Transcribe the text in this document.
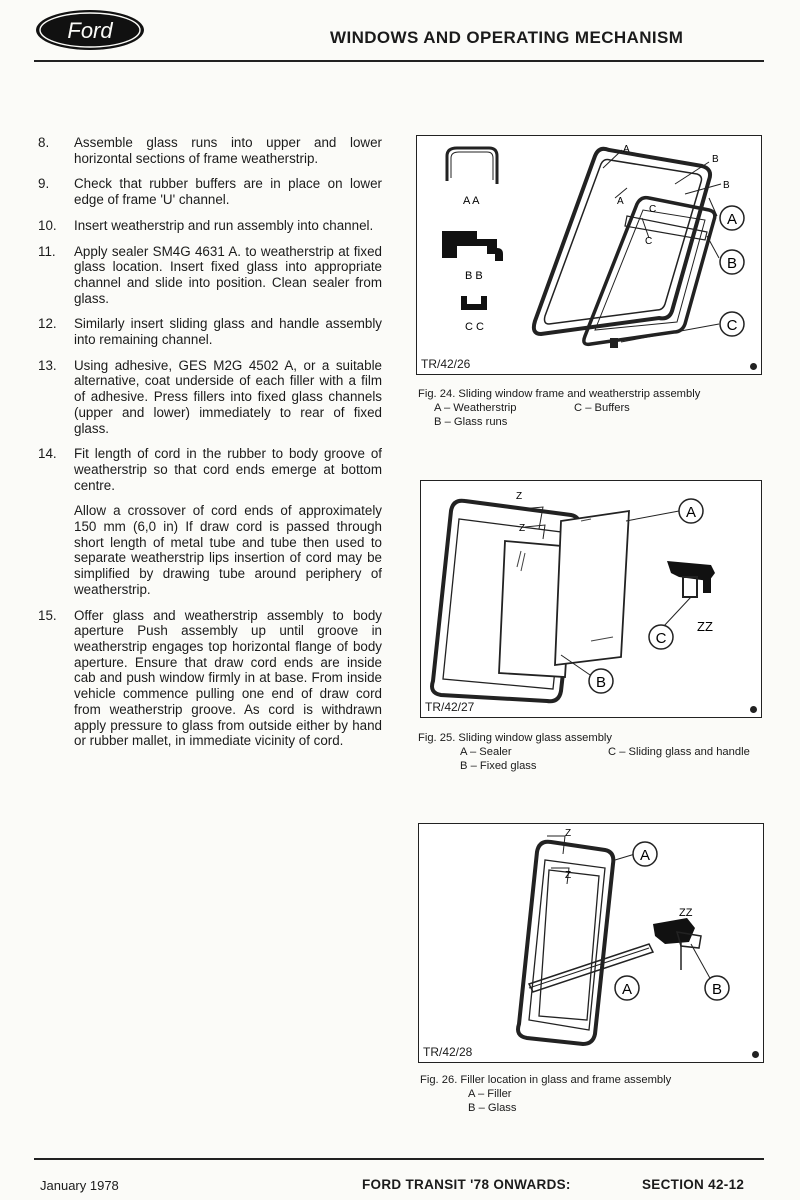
Ford	WINDOWS AND OPERATING MECHANISM
8.	Assemble glass runs into upper and lower horizontal sections of frame weatherstrip.
9.	Check that rubber buffers are in place on lower edge of frame 'U' channel.
10.	Insert weatherstrip and run assembly into channel.
11.	Apply sealer SM4G 4631 A. to weatherstrip at fixed glass location. Insert fixed glass into appropriate channel and slide into position. Clean sealer from glass.
12.	Similarly insert sliding glass and handle assembly into remaining channel.
13.	Using adhesive, GES M2G 4502 A, or a suitable alternative, coat underside of each filler with a film of adhesive. Press fillers into fixed glass channels (upper and lower) immediately to rear of fixed glass.
14.	Fit length of cord in the rubber to body groove of weatherstrip so that cord ends emerge at bottom centre.
Allow a crossover of cord ends of approximately 150 mm (6,0 in) If draw cord is passed through short length of metal tube and tube then used to separate weatherstrip lips insertion of cord may be simplified by drawing tube around periphery of weatherstrip.
15.	Offer glass and weatherstrip assembly to body aperture Push assembly up until groove in weatherstrip engages top horizontal flange of body aperture. Ensure that draw cord ends are inside cab and push window firmly in at base. From inside vehicle commence pulling one end of draw cord from weatherstrip groove. As cord is withdrawn apply pressure to glass from outside either by hand or rubber mallet, in immediate vicinity of cord.
A A
B B
C C
A
A
B
B
C
C
A
B
C
TR/42/26
Fig. 24. Sliding window frame and weatherstrip assembly
A – Weatherstrip
B – Glass runs
C – Buffers
Z
Z
A
C
B
ZZ
TR/42/27
Fig. 25. Sliding window glass assembly
A – Sealer
B – Fixed glass
C – Sliding glass and handle
Z
Z
ZZ
A
A	B
TR/42/28
Fig. 26. Filler location in glass and frame assembly
A – Filler
B – Glass
January 1978	FORD TRANSIT '78 ONWARDS:	SECTION 42-12
